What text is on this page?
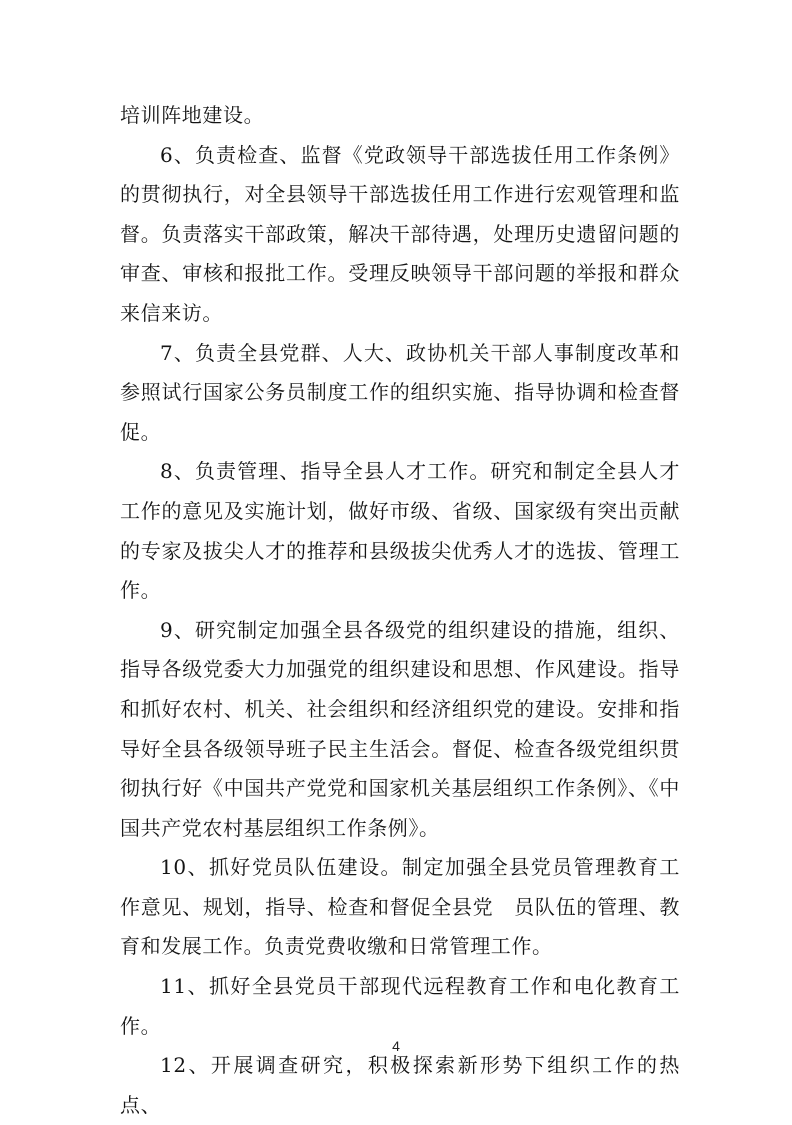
培训阵地建设。

6、负责检查、监督《党政领导干部选拔任用工作条例》的贯彻执行，对全县领导干部选拔任用工作进行宏观管理和监督。负责落实干部政策，解决干部待遇，处理历史遗留问题的审查、审核和报批工作。受理反映领导干部问题的举报和群众来信来访。

7、负责全县党群、人大、政协机关干部人事制度改革和参照试行国家公务员制度工作的组织实施、指导协调和检查督促。

8、负责管理、指导全县人才工作。研究和制定全县人才工作的意见及实施计划，做好市级、省级、国家级有突出贡献的专家及拔尖人才的推荐和县级拔尖优秀人才的选拔、管理工作。

9、研究制定加强全县各级党的组织建设的措施，组织、指导各级党委大力加强党的组织建设和思想、作风建设。指导和抓好农村、机关、社会组织和经济组织党的建设。安排和指导好全县各级领导班子民主生活会。督促、检查各级党组织贯彻执行好《中国共产党党和国家机关基层组织工作条例》、《中国共产党农村基层组织工作条例》。

10、抓好党员队伍建设。制定加强全县党员管理教育工作意见、规划，指导、检查和督促全县党　员队伍的管理、教育和发展工作。负责党费收缴和日常管理工作。

11、抓好全县党员干部现代远程教育工作和电化教育工作。

12、开展调查研究，积极探索新形势下组织工作的热点、

4
